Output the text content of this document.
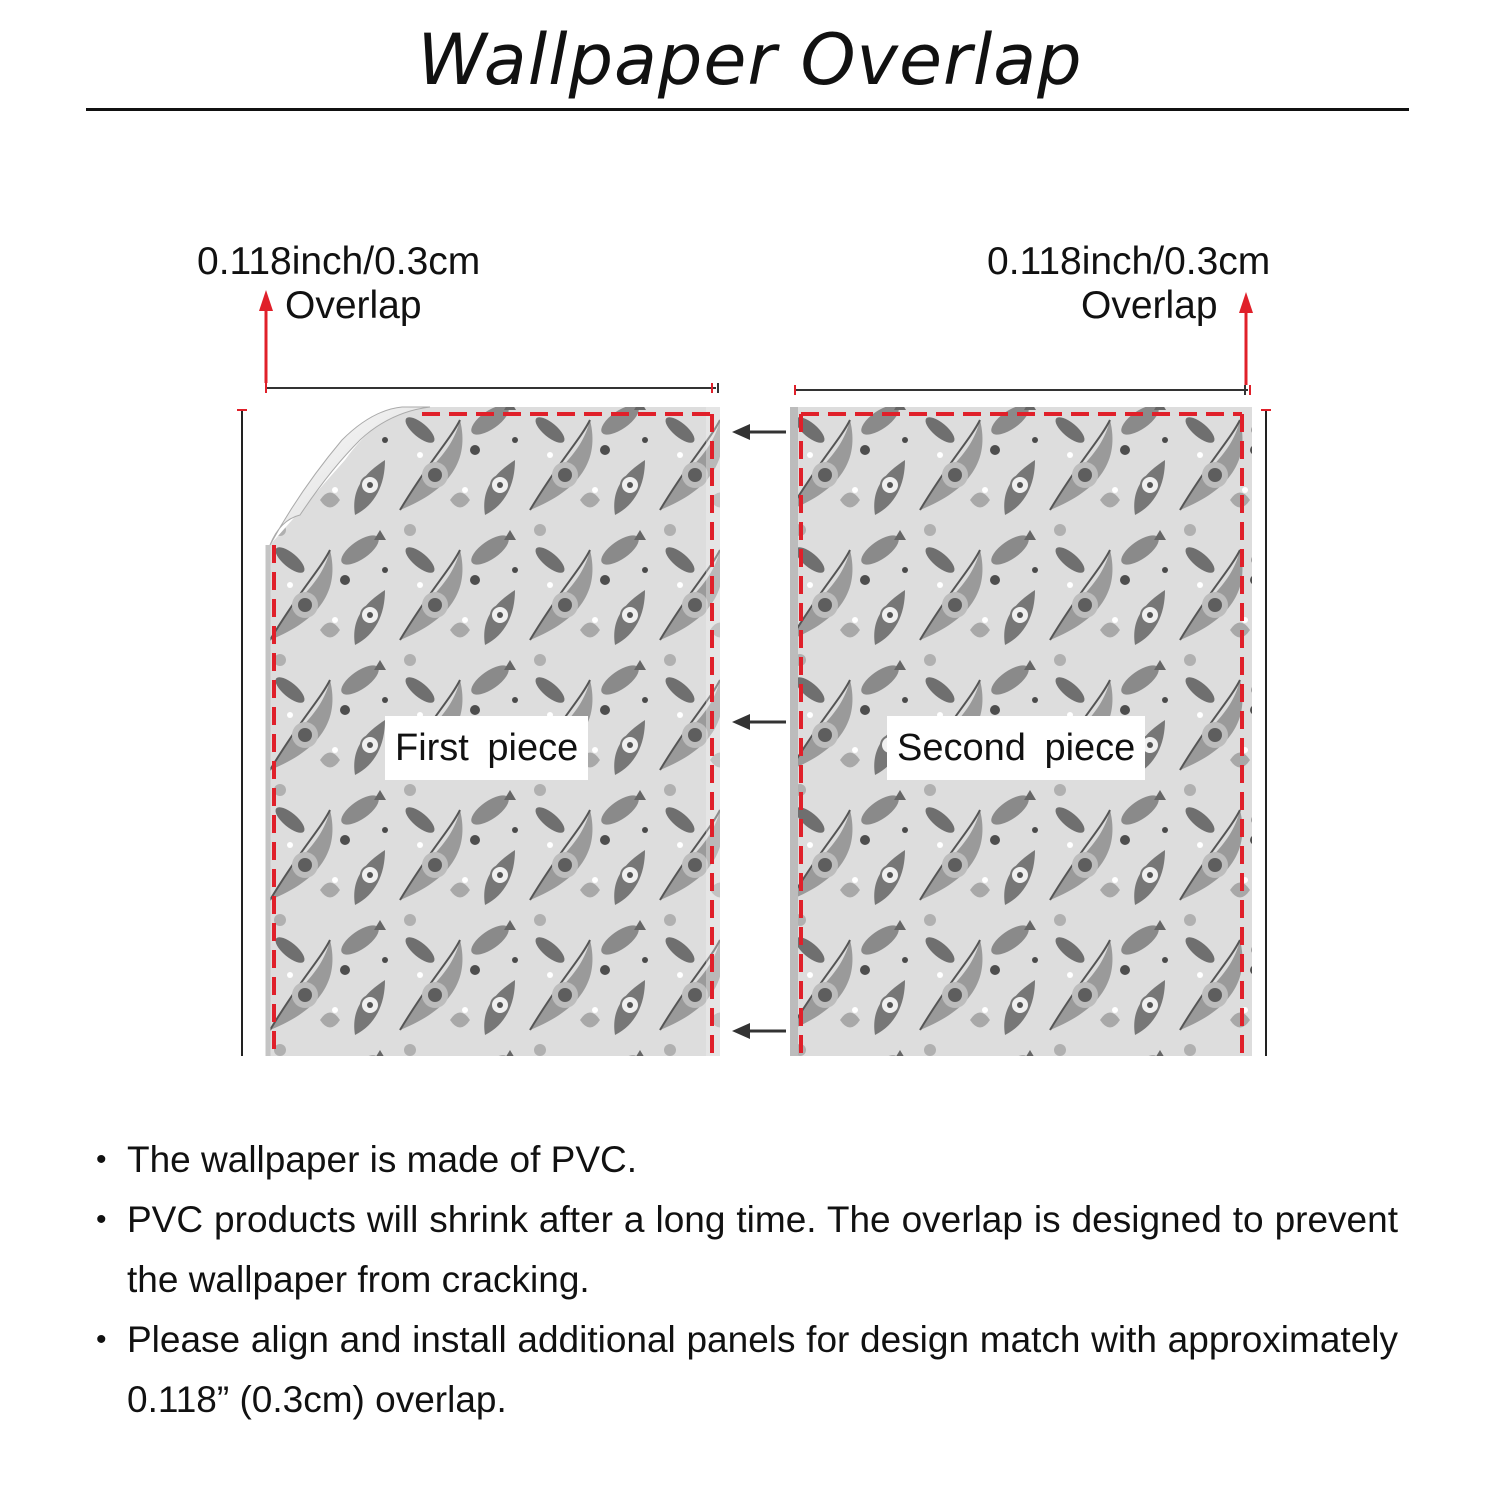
Wallpaper Overlap
0.118inch/0.3cm
Overlap
0.118inch/0.3cm
Overlap
First piece	Second piece
• The wallpaper is made of PVC.
• PVC products will shrink after a long time. The overlap is designed to prevent the wallpaper from cracking.
• Please align and install additional panels for design match with approximately 0.118” (0.3cm) overlap.
